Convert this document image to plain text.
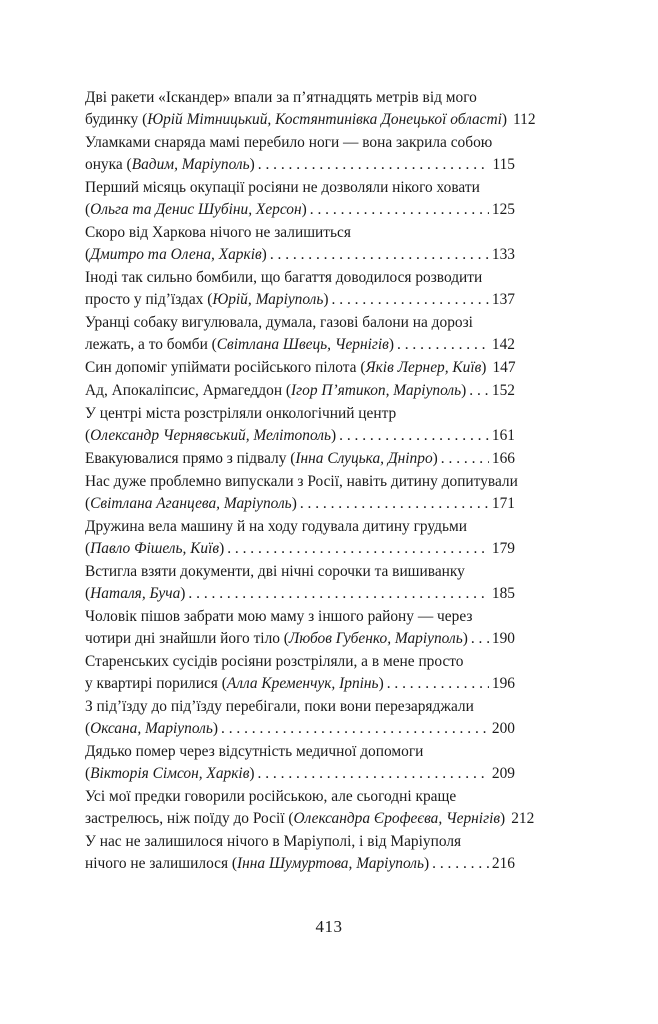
Дві ракети «Іскандер» впали за п’ятнадцять метрів від мого
будинку (Юрій Мітницький, Костянтинівка Донецької області) 112
Уламками снаряда мамі перебило ноги — вона закрила собою
онука (Вадим, Маріуполь) . . .	115
Перший місяць окупації росіяни не дозволяли нікого ховати
(Ольга та Денис Шубіни, Херсон) . . .	125
Скоро від Харкова нічого не залишиться
(Дмитро та Олена, Харків) . . .	133
Іноді так сильно бомбили, що багаття доводилося розводити
просто у під’їздах (Юрій, Маріуполь) . . .	137
Уранці собаку вигулювала, думала, газові балони на дорозі
лежать, а то бомби (Світлана Швець, Чернігів) . . .	142
Син допоміг упіймати російського пілота (Яків Лернер, Київ) 147
Ад, Апокаліпсис, Армагеддон (Ігор П’ятикоп, Маріуполь) . . . 152
У центрі міста розстріляли онкологічний центр
(Олександр Чернявський, Мелітополь) . . .	161
Евакуювалися прямо з підвалу (Інна Слуцька, Дніпро) . . .	166
Нас дуже проблемно випускали з Росії, навіть дитину допитували
(Світлана Аганцева, Маріуполь) . . .	171
Дружина вела машину й на ходу годувала дитину грудьми
(Павло Фішель, Київ) . . .	179
Встигла взяти документи, дві нічні сорочки та вишиванку
(Наталя, Буча) . . .	185
Чоловік пішов забрати мою маму з іншого району — через
чотири дні знайшли його тіло (Любов Губенко, Маріуполь) . . . 190
Старенських сусідів росіяни розстріляли, а в мене просто
у квартирі порилися (Алла Кременчук, Ірпінь) . . .	196
З під’їзду до під’їзду перебігали, поки вони перезаряджали
(Оксана, Маріуполь) . . .	200
Дядько помер через відсутність медичної допомоги
(Вікторія Сімсон, Харків) . . .	209
Усі мої предки говорили російською, але сьогодні краще
застрелюсь, ніж поїду до Росії (Олександра Єрофеєва, Чернігів) 212
У нас не залишилося нічого в Маріуполі, і від Маріуполя
нічого не залишилося (Інна Шумуртова, Маріуполь) . . .	216
413
